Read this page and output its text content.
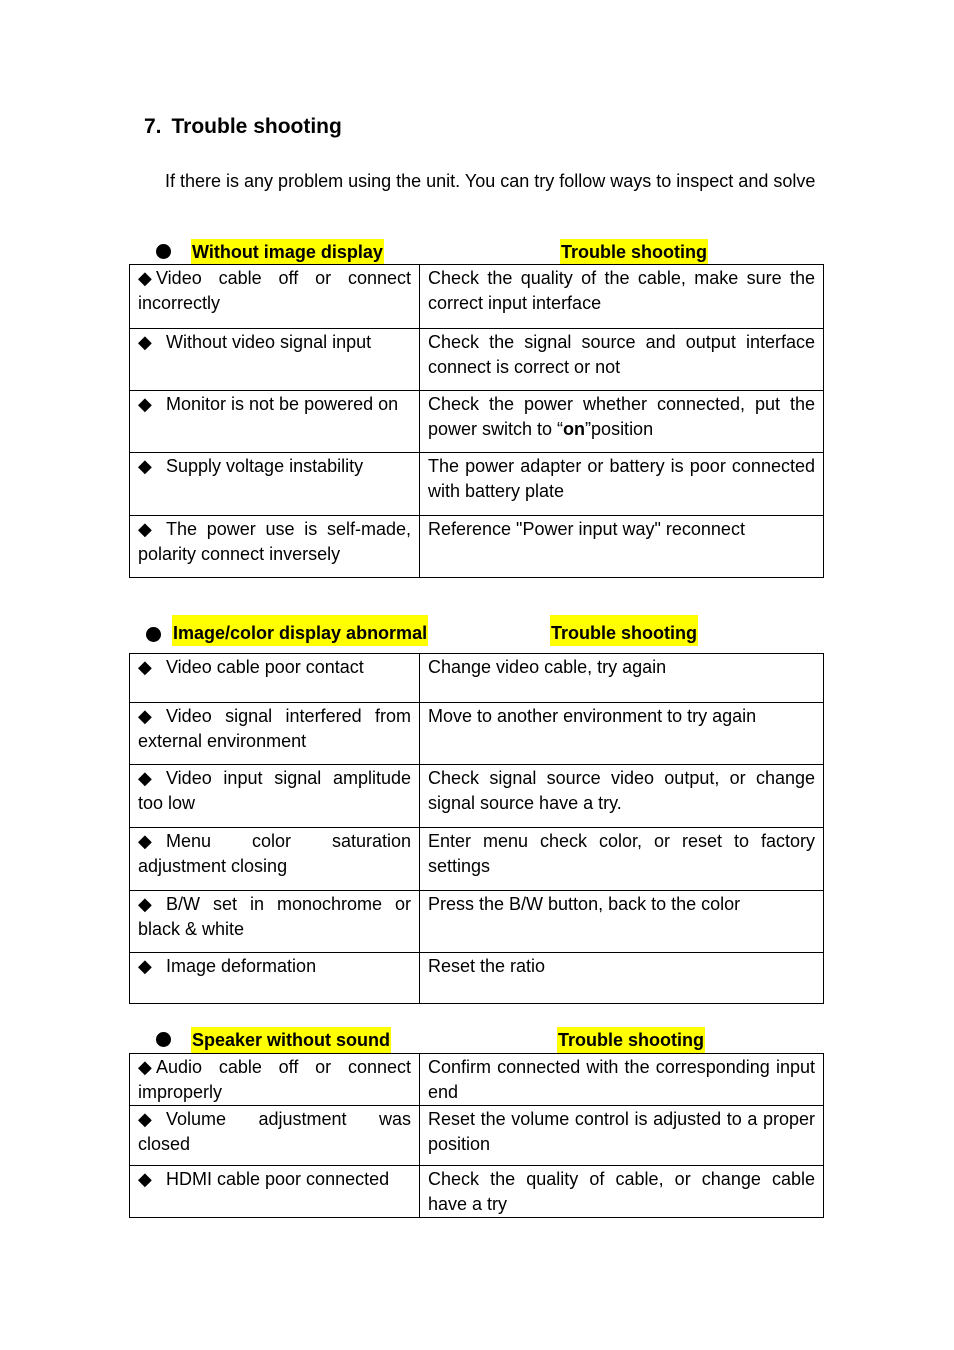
7. Trouble shooting
If there is any problem using the unit. You can try follow ways to inspect and solve
Without image display	Trouble shooting
◆ Video cable off or connect incorrectly	Check the quality of the cable, make sure the correct input interface
◆ Without video signal input	Check the signal source and output interface connect is correct or not
◆ Monitor is not be powered on	Check the power whether connected, put the power switch to “on”position
◆ Supply voltage instability	The power adapter or battery is poor connected with battery plate
◆ The power use is self-made, polarity connect inversely	Reference "Power input way" reconnect
Image/color display abnormal	Trouble shooting
◆ Video cable poor contact	Change video cable, try again
◆ Video signal interfered from external environment	Move to another environment to try again
◆ Video input signal amplitude too low	Check signal source video output, or change signal source have a try.
◆ Menu color saturation adjustment closing	Enter menu check color, or reset to factory settings
◆ B/W set in monochrome or black & white	Press the B/W button, back to the color
◆ Image deformation	Reset the ratio
Speaker without sound	Trouble shooting
◆ Audio cable off or connect improperly	Confirm connected with the corresponding input end
◆ Volume adjustment was closed	Reset the volume control is adjusted to a proper position
◆ HDMI cable poor connected	Check the quality of cable, or change cable have a try
